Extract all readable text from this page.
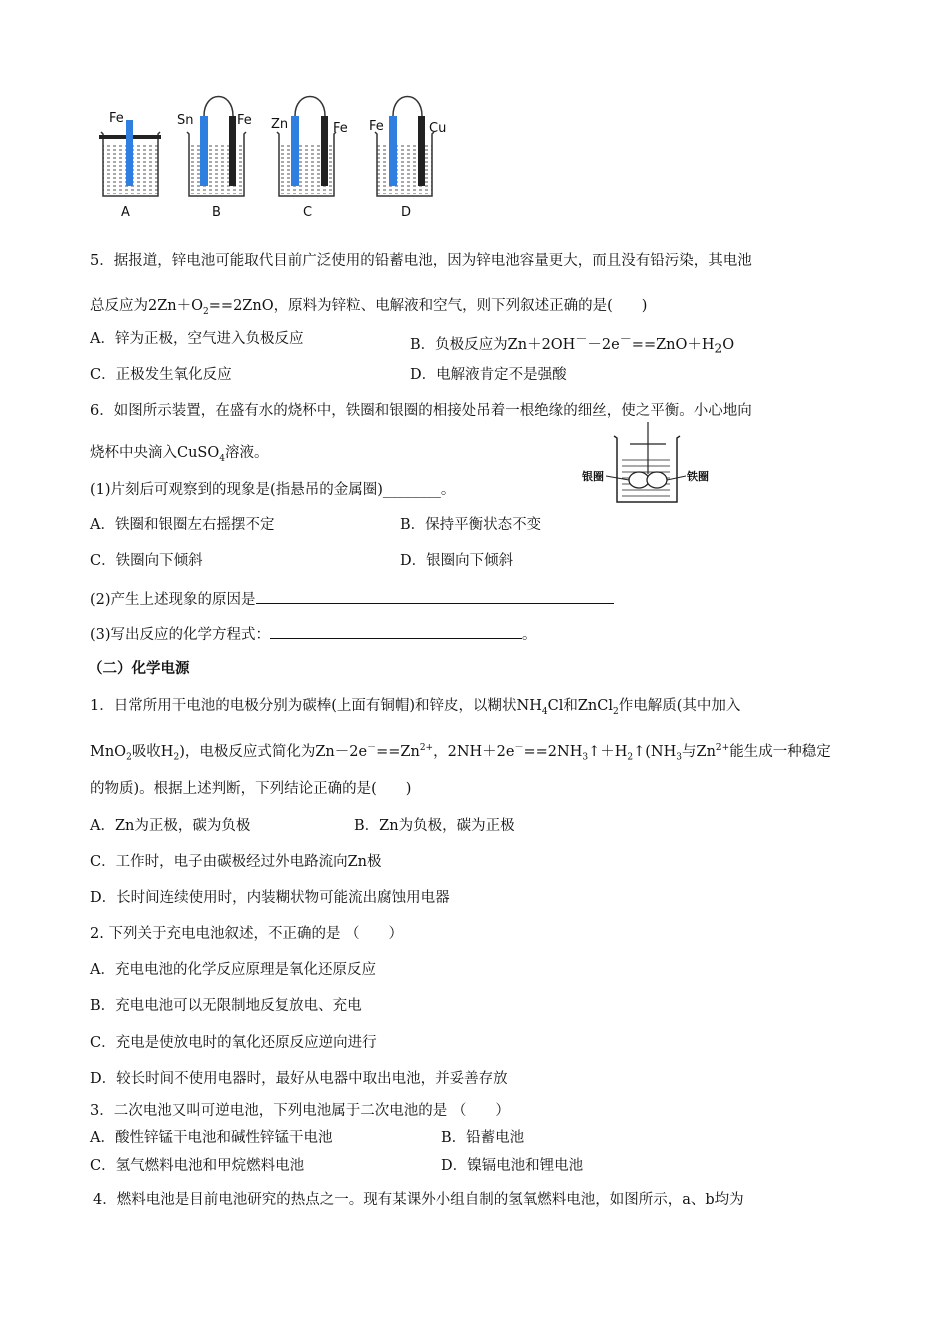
Fe	Sn	Fe Zn	Fe Fe	Cu
A	B	C	D
5．据报道，锌电池可能取代目前广泛使用的铅蓄电池，因为锌电池容量更大，而且没有铅污染，其电池
总反应为$2Zn+O_2==2ZnO$，原料为锌粒、电解液和空气，则下列叙述正确的是(　　)
A．锌为正极，空气进入负极反应	B．负极反应为$Zn+2OH^--2e^-==ZnO+H_2O$
C．正极发生氧化反应	D．电解液肯定不是强酸
6．如图所示装置，在盛有水的烧杯中，铁圈和银圈的相接处吊着一根绝缘的细丝，使之平衡。小心地向
烧杯中央滴入CuSO$_4$溶液。
银圈	铁圈
(1)片刻后可观察到的现象是(指悬吊的金属圈)________。
A．铁圈和银圈左右摇摆不定	B．保持平衡状态不变
C．铁圈向下倾斜	D．银圈向下倾斜
(2)产生上述现象的原因是
(3)写出反应的化学方程式：	。
（二）化学电源
1．日常所用干电池的电极分别为碳棒(上面有铜帽)和锌皮，以糊状$NH_4Cl$和ZnCl$_2$作电解质(其中加入
MnO$_2$吸收$H_2$)，电极反应式简化为$Zn-2e^-==Zn^{2+}$，$2NH+2e^-==2NH_3↑+H_2↑(NH_3$与$Zn^{2+}$能生成一种稳定
的物质)。根据上述判断，下列结论正确的是(　　)
A．Zn为正极，碳为负极	B．Zn为负极，碳为正极
C．工作时，电子由碳极经过外电路流向Zn极
D．长时间连续使用时，内装糊状物可能流出腐蚀用电器
2. 下列关于充电电池叙述，不正确的是 （　　）
A．充电电池的化学反应原理是氧化还原反应
B．充电电池可以无限制地反复放电、充电
C．充电是使放电时的氧化还原反应逆向进行
D．较长时间不使用电器时，最好从电器中取出电池，并妥善存放
3．二次电池又叫可逆电池，下列电池属于二次电池的是 （　　）
A．酸性锌锰干电池和碱性锌锰干电池	B．铅蓄电池
C．氢气燃料电池和甲烷燃料电池	D．镍镉电池和锂电池
4．燃料电池是目前电池研究的热点之一。现有某课外小组自制的氢氧燃料电池，如图所示，a、b均为
